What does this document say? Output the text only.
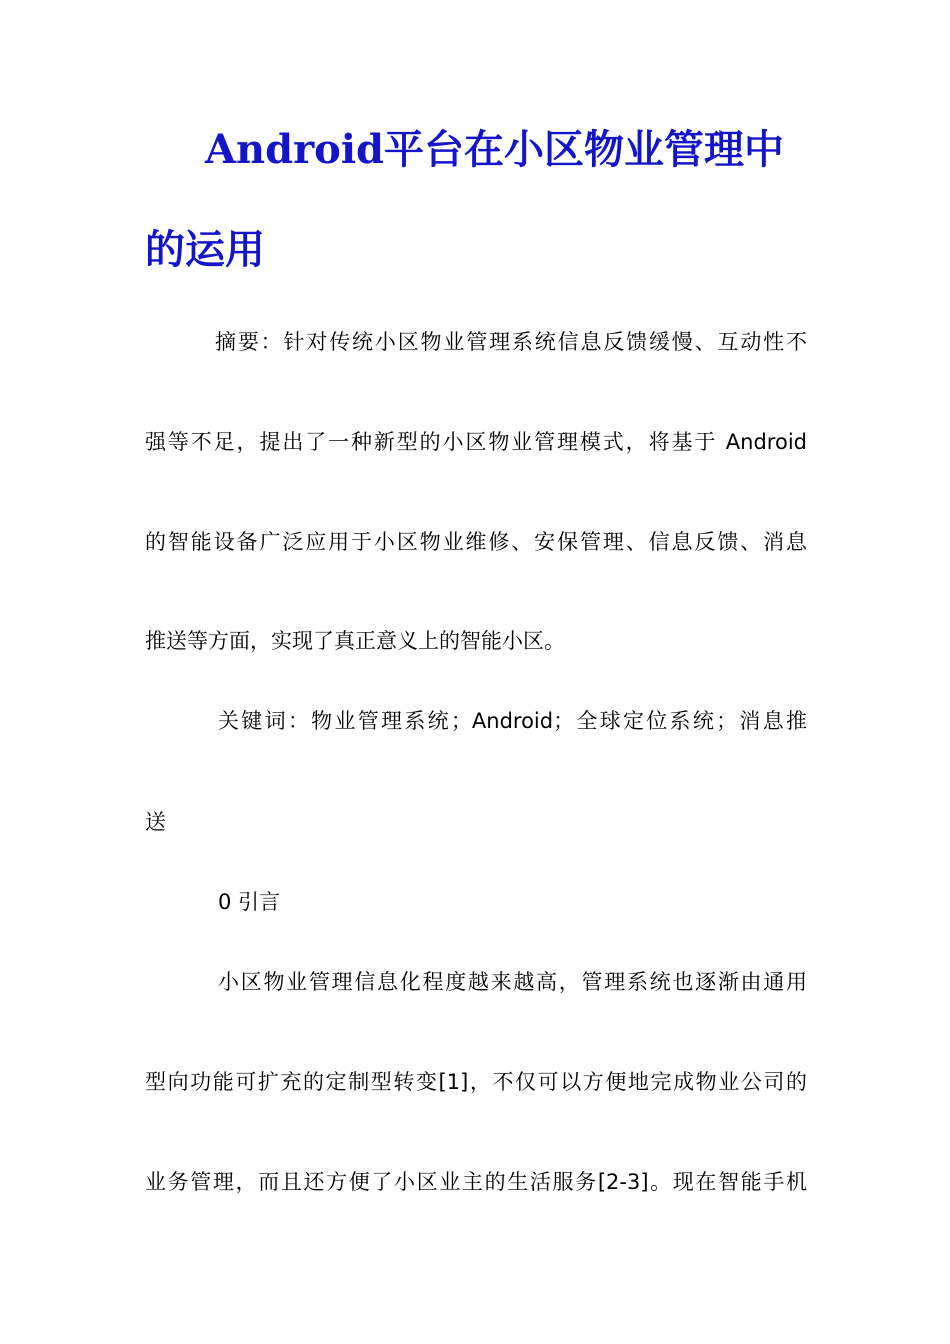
Android平台在小区物业管理中
的运用
摘要：针对传统小区物业管理系统信息反馈缓慢、互动性不
强等不足，提出了一种新型的小区物业管理模式，将基于 Android
的智能设备广泛应用于小区物业维修、安保管理、信息反馈、消息
推送等方面，实现了真正意义上的智能小区。
关键词：物业管理系统；Android；全球定位系统；消息推
送
0 引言
小区物业管理信息化程度越来越高，管理系统也逐渐由通用
型向功能可扩充的定制型转变[1]，不仅可以方便地完成物业公司的
业务管理，而且还方便了小区业主的生活服务[2-3]。现在智能手机
